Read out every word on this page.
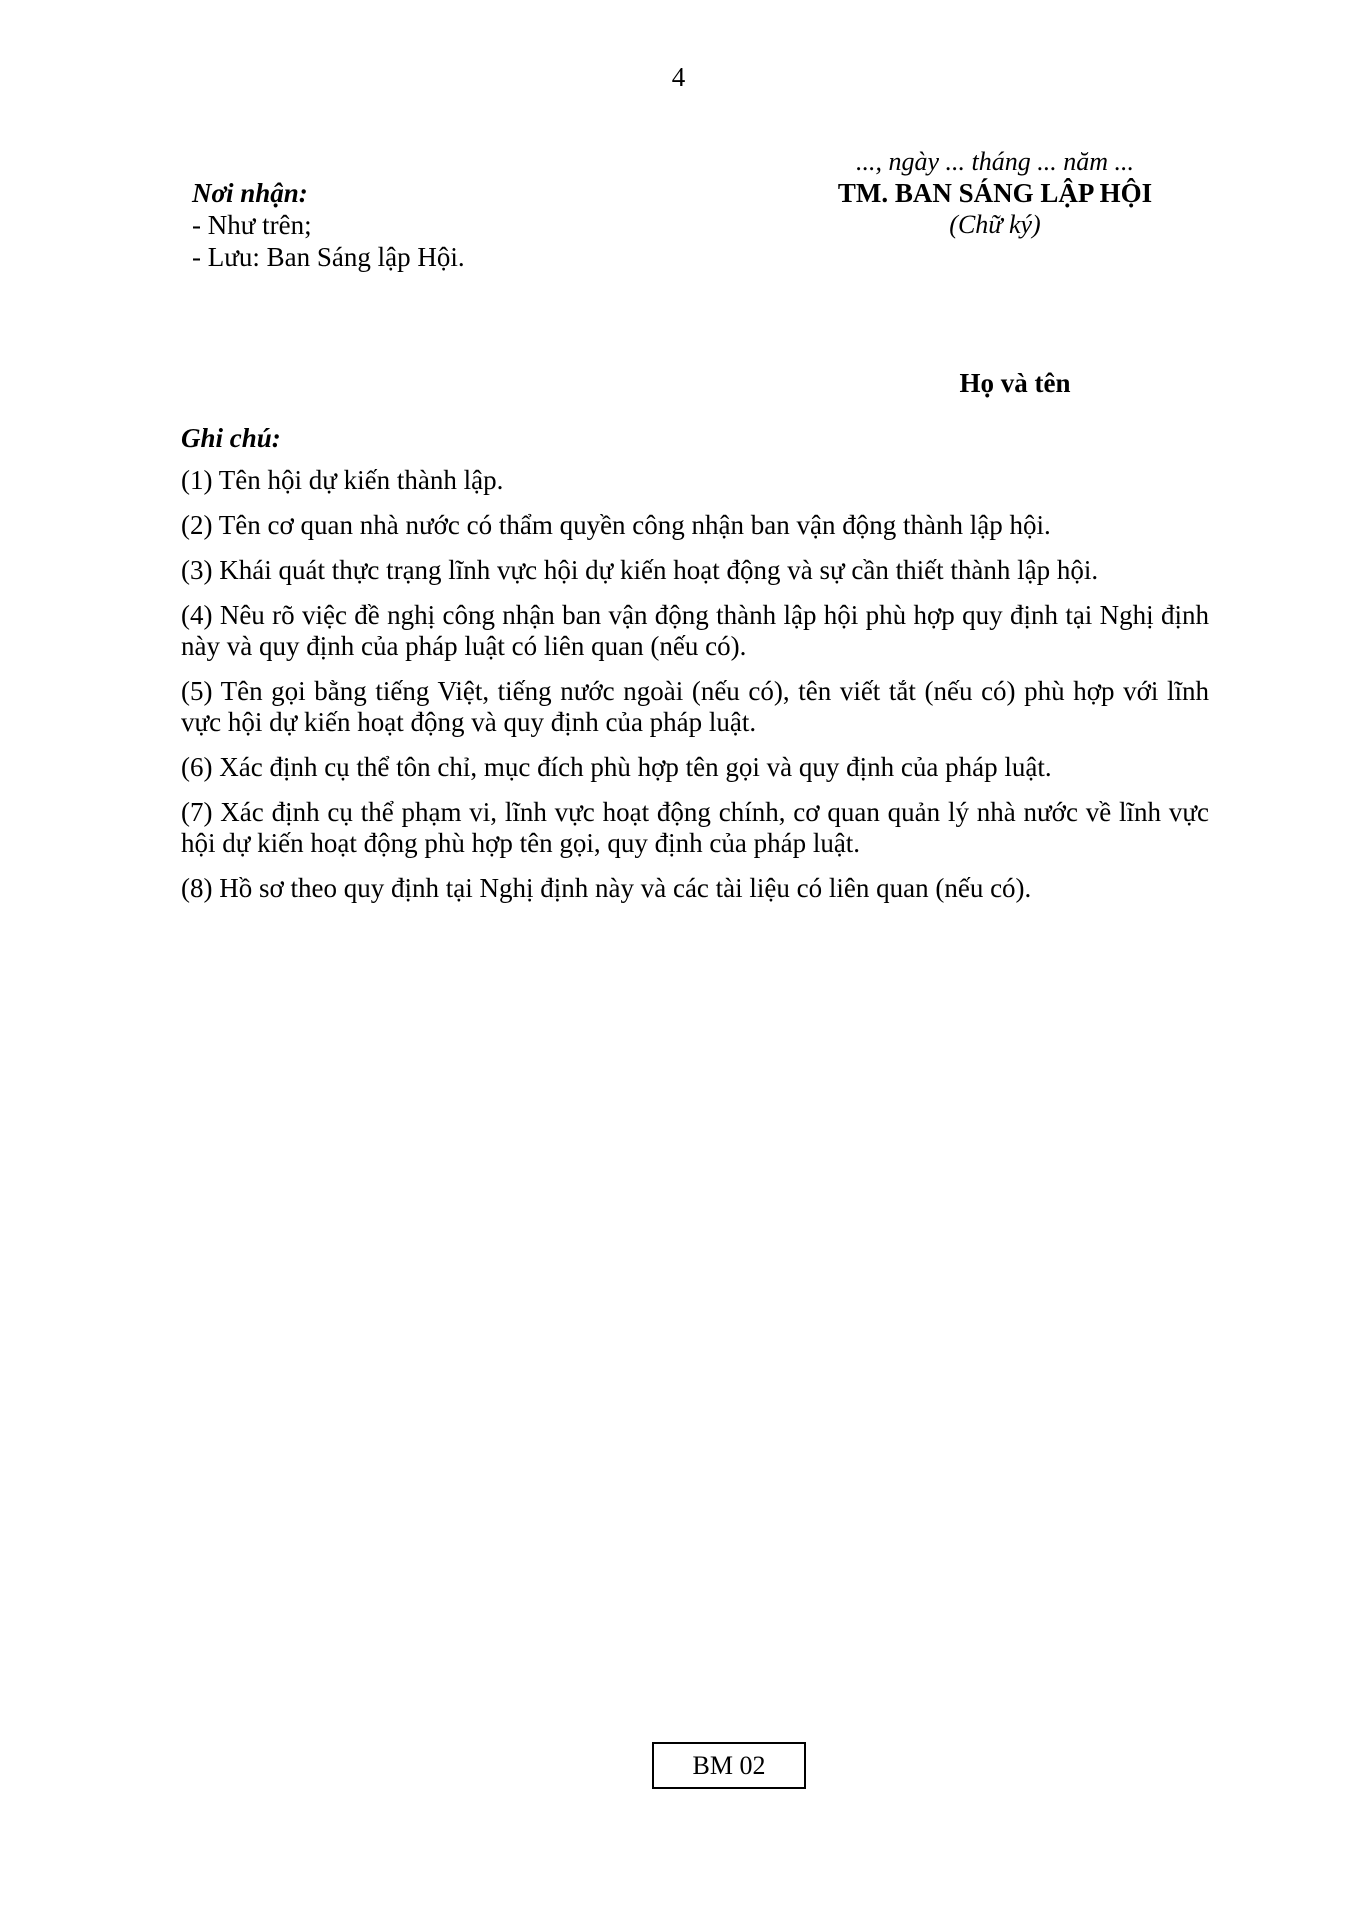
4
..., ngày ... tháng ... năm ...
Nơi nhận:
- Như trên;
- Lưu: Ban Sáng lập Hội.
TM. BAN SÁNG LẬP HỘI
(Chữ ký)
Họ và tên
Ghi chú:
(1) Tên hội dự kiến thành lập.
(2) Tên cơ quan nhà nước có thẩm quyền công nhận ban vận động thành lập hội.
(3) Khái quát thực trạng lĩnh vực hội dự kiến hoạt động và sự cần thiết thành lập hội.
(4) Nêu rõ việc đề nghị công nhận ban vận động thành lập hội phù hợp quy định tại Nghị định này và quy định của pháp luật có liên quan (nếu có).
(5) Tên gọi bằng tiếng Việt, tiếng nước ngoài (nếu có), tên viết tắt (nếu có) phù hợp với lĩnh vực hội dự kiến hoạt động và quy định của pháp luật.
(6) Xác định cụ thể tôn chỉ, mục đích phù hợp tên gọi và quy định của pháp luật.
(7) Xác định cụ thể phạm vi, lĩnh vực hoạt động chính, cơ quan quản lý nhà nước về lĩnh vực hội dự kiến hoạt động phù hợp tên gọi, quy định của pháp luật.
(8) Hồ sơ theo quy định tại Nghị định này và các tài liệu có liên quan (nếu có).
BM 02
